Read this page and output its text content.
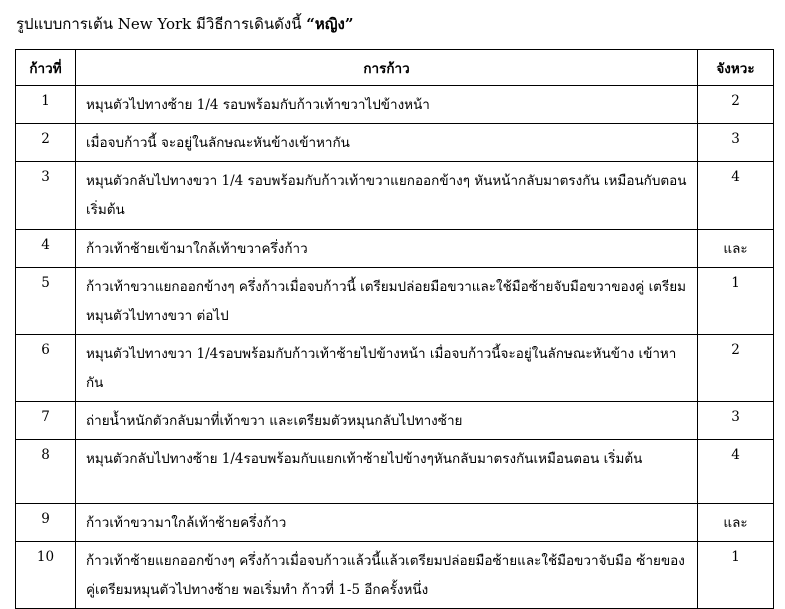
รูปแบบการเต้น New York มีวิธีการเดินดังนี้ “หญิง”
ก้าวที่	การก้าว	จังหวะ
1	หมุนตัวไปทางซ้าย 1/4 รอบพร้อมกับก้าวเท้าขวาไปข้างหน้า	2
2	เมื่อจบก้าวนี้ จะอยู่ในลักษณะหันข้างเข้าหากัน	3
3	หมุนตัวกลับไปทางขวา 1/4 รอบพร้อมกับก้าวเท้าขวาแยกออกข้างๆ หันหน้ากลับมาตรงกัน เหมือนกับตอนเริ่มต้น	4
4	ก้าวเท้าซ้ายเข้ามาใกล้เท้าขวาครึ่งก้าว	และ
5	ก้าวเท้าขวาแยกออกข้างๆ ครึ่งก้าวเมื่อจบก้าวนี้ เตรียมปล่อยมือขวาและใช้มือซ้ายจับมือขวาของคู่ เตรียมหมุนตัวไปทางขวา ต่อไป	1
6	หมุนตัวไปทางขวา 1/4รอบพร้อมกับก้าวเท้าซ้ายไปข้างหน้า เมื่อจบก้าวนี้จะอยู่ในลักษณะหันข้าง เข้าหากัน	2
7	ถ่ายน้ำหนักตัวกลับมาที่เท้าขวา และเตรียมตัวหมุนกลับไปทางซ้าย	3
8	หมุนตัวกลับไปทางซ้าย 1/4รอบพร้อมกับแยกเท้าซ้ายไปข้างๆหันกลับมาตรงกันเหมือนตอน เริ่มต้น	4
9	ก้าวเท้าขวามาใกล้เท้าซ้ายครึ่งก้าว	และ
10	ก้าวเท้าซ้ายแยกออกข้างๆ ครึ่งก้าวเมื่อจบก้าวแล้วนี้แล้วเตรียมปล่อยมือซ้ายและใช้มือขวาจับมือ ซ้ายของคู่เตรียมหมุนตัวไปทางซ้าย พอเริ่มทำ ก้าวที่ 1-5 อีกครั้งหนึ่ง	1
